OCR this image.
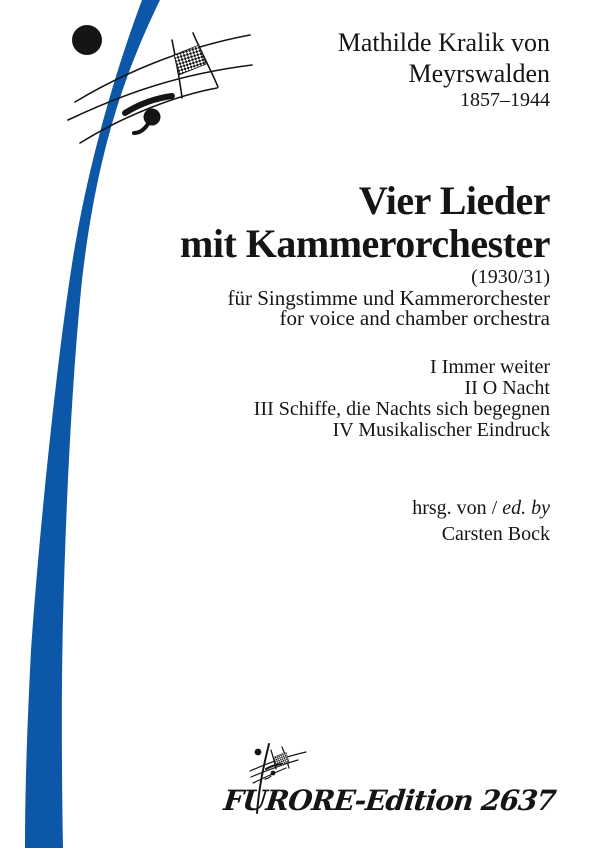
Mathilde Kralik von
Meyrswalden
1857–1944
Vier Lieder
mit Kammerorchester
(1930/31)
für Singstimme und Kammerorchester
for voice and chamber orchestra
I Immer weiter
II O Nacht
III Schiffe, die Nachts sich begegnen
IV Musikalischer Eindruck
hrsg. von / ed. by
Carsten Bock
FURORE-Edition 2637
